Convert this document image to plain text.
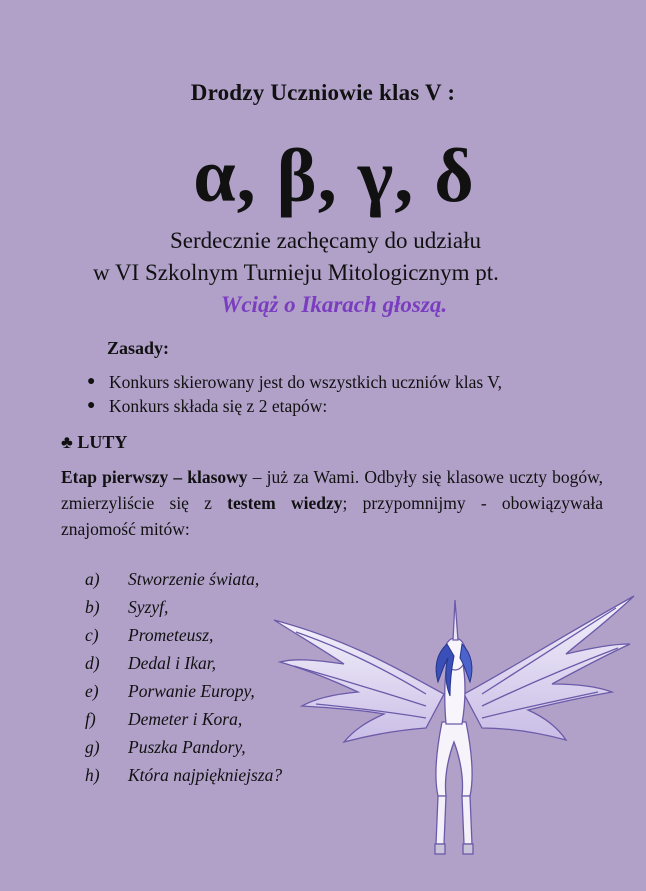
Drodzy Uczniowie klas V :
α, β, γ, δ
Serdecznie zachęcamy do udziału
w VI Szkolnym Turnieju Mitologicznym pt.
Wciąż o Ikarach głoszą.
Zasady:
● Konkurs skierowany jest do wszystkich uczniów klas V,
● Konkurs składa się z 2 etapów:
♣ LUTY
Etap pierwszy – klasowy – już za Wami. Odbyły się klasowe uczty bogów, zmierzyliście się z testem wiedzy; przypomnijmy - obowiązywała znajomość mitów:
a) Stworzenie świata,
b) Syzyf,
c) Prometeusz,
d) Dedal i Ikar,
e) Porwanie Europy,
f) Demeter i Kora,
g) Puszka Pandory,
h) Która najpiękniejsza?
